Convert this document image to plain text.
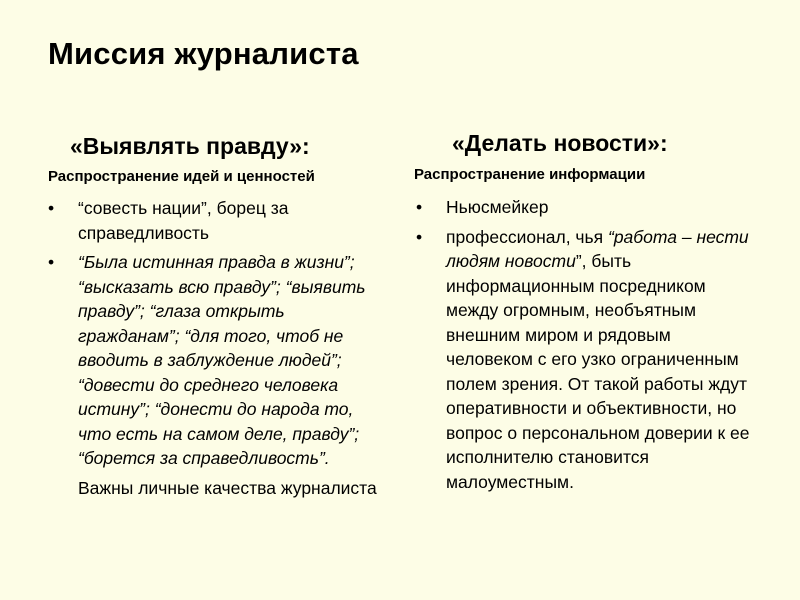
Миссия журналиста
«Выявлять правду»:
Распространение идей и ценностей
• “совесть нации”, борец за справедливость
• “Была истинная правда в жизни”; “высказать всю правду”; “выявить правду”; “глаза открыть гражданам”; “для того, чтоб не вводить в заблуждение людей”; “довести до среднего человека истину”; “донести до народа то, что есть на самом деле, правду”; “борется за справедливость”.
Важны личные качества журналиста
«Делать новости»:
Распространение информации
• Ньюсмейкер
• профессионал, чья “работа – нести людям новости”, быть информационным посредником между огромным, необъятным внешним миром и рядовым человеком с его узко ограниченным полем зрения. От такой работы ждут оперативности и объективности, но вопрос о персональном доверии к ее исполнителю становится малоуместным.
